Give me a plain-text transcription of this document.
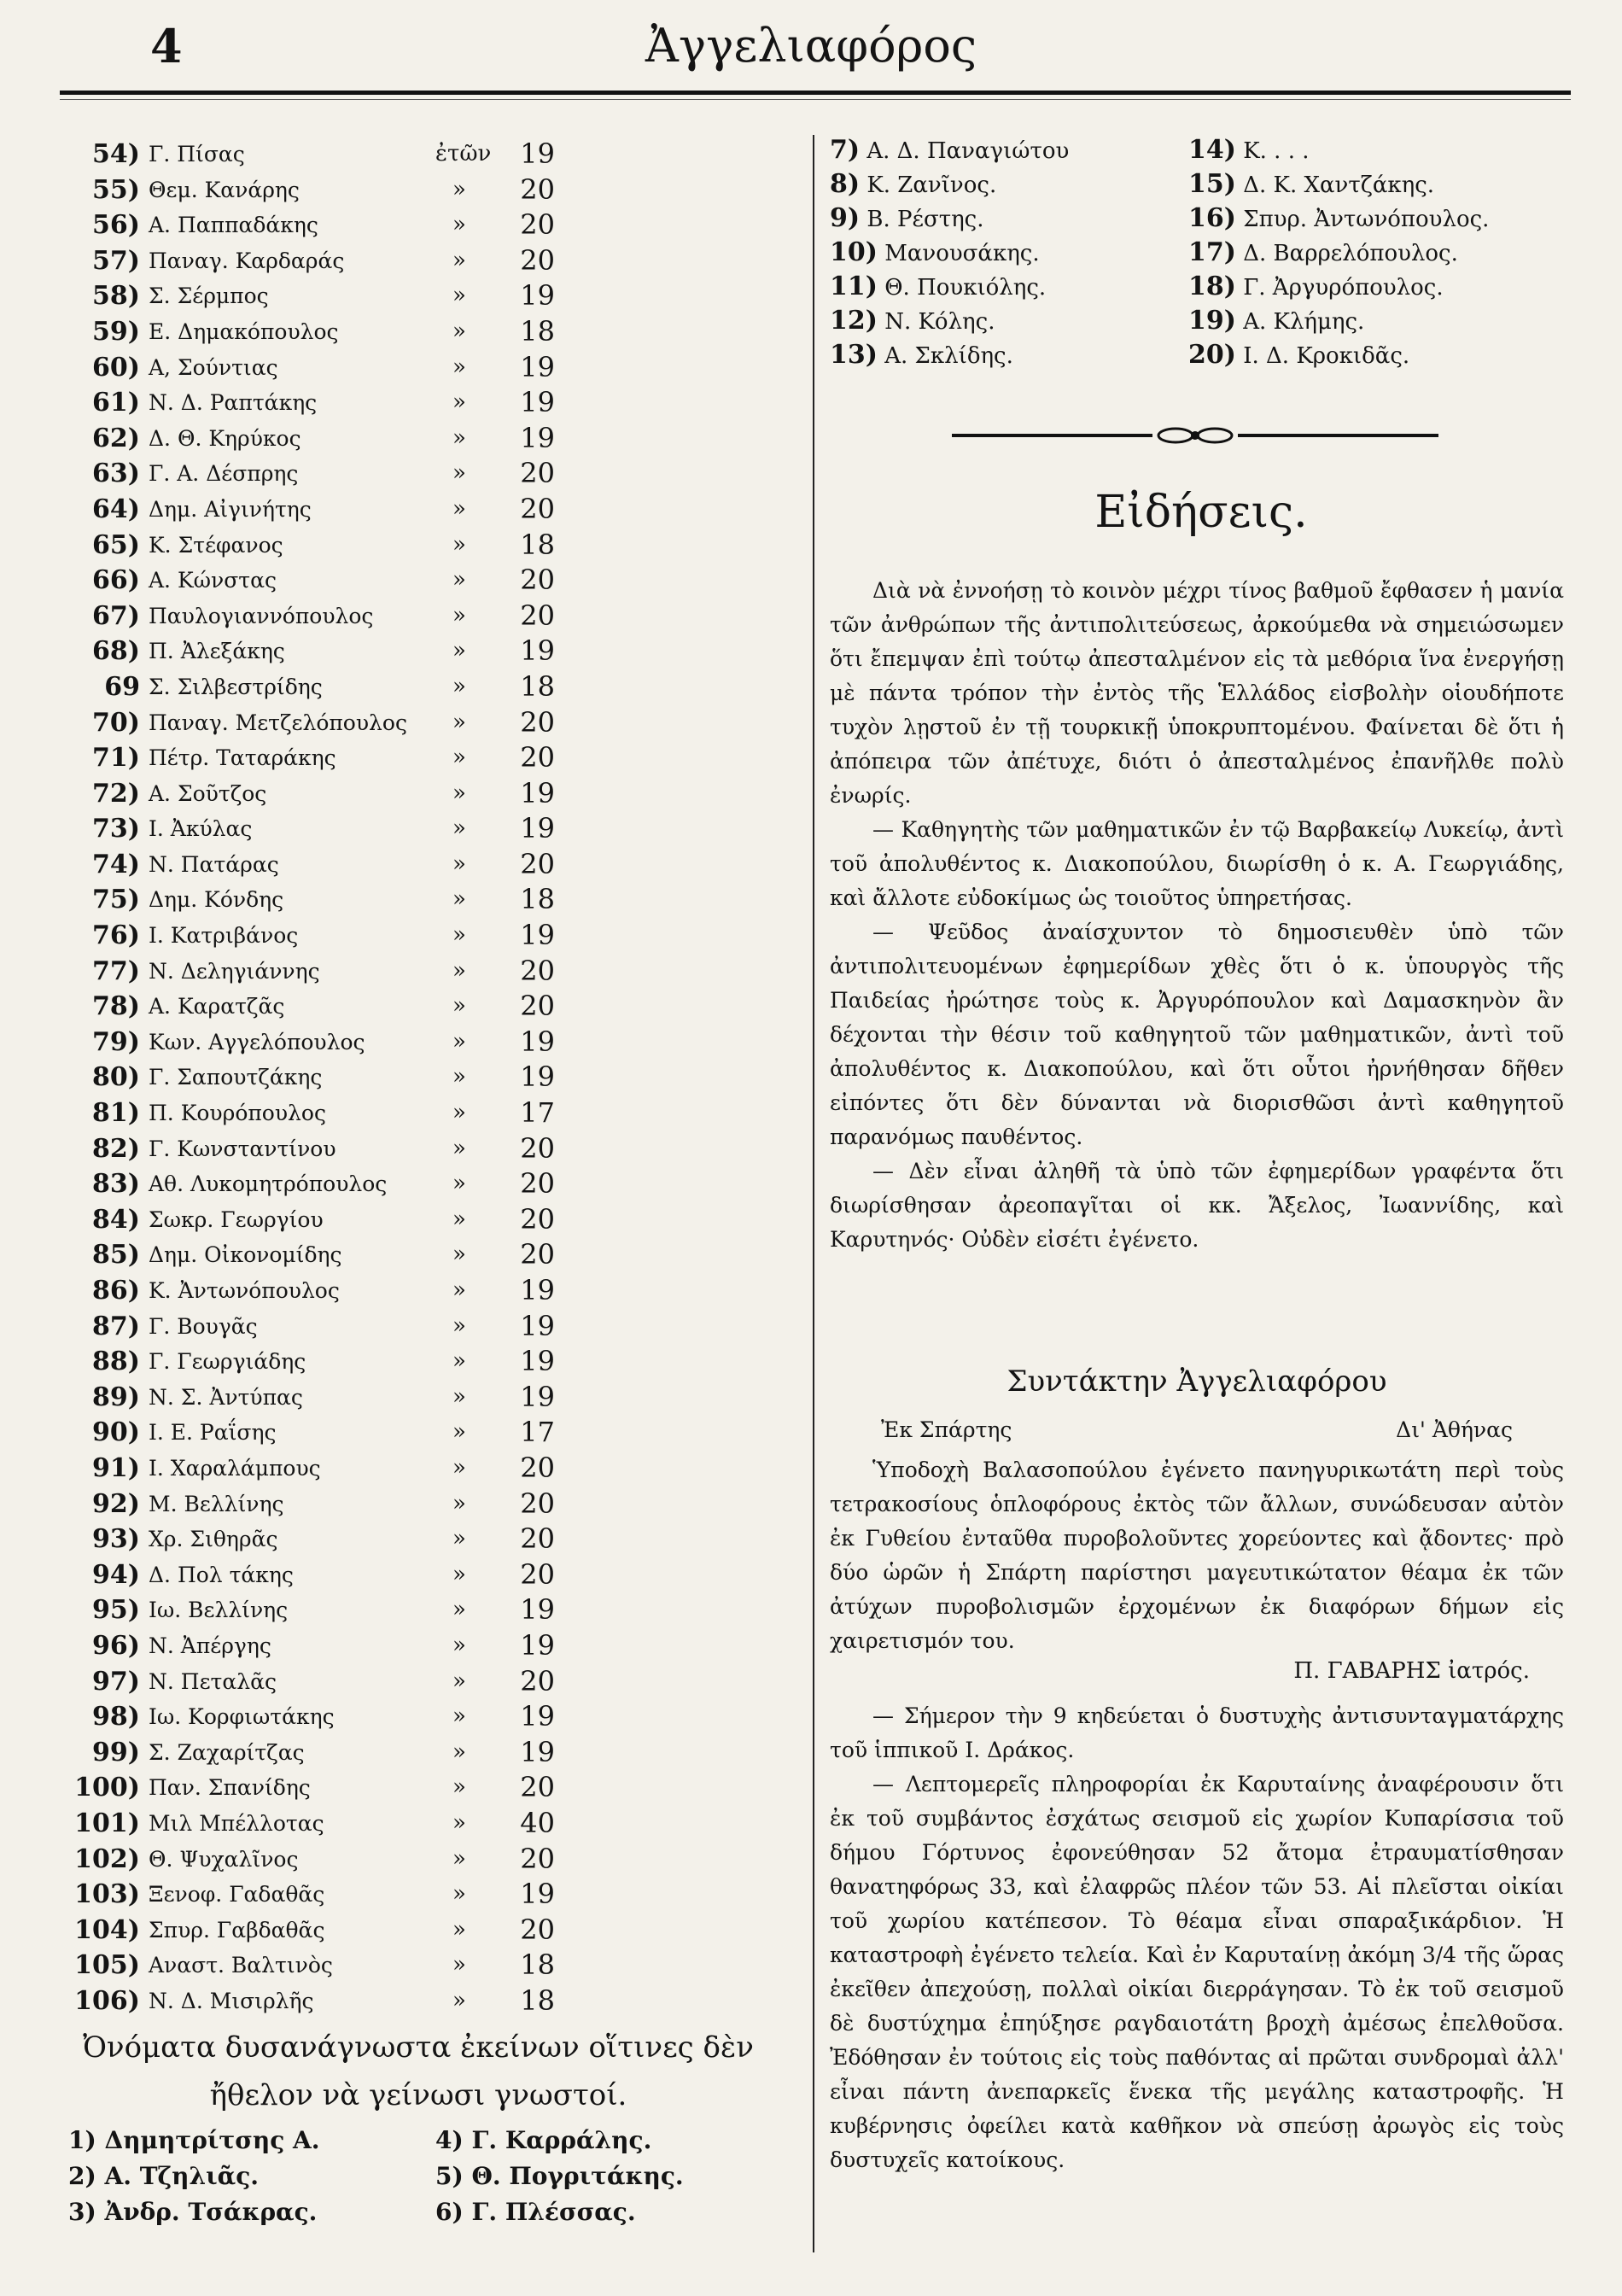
4	Ἀγγελιαφόρος
54) Γ. Πίσας	ἐτῶν	19
55) Θεμ. Κανάρης	»	20
56) Α. Παππαδάκης	»	20
57) Παναγ. Καρδαράς	»	20
58) Σ. Σέρμπος	»	19
59) Ε. Δημακόπουλος	»	18
60) Α, Σούντιας	»	19
61) Ν. Δ. Ραπτάκης	»	19
62) Δ. Θ. Κηρύκος	»	19
63) Γ. Α. Δέσπρης	»	20
64) Δημ. Αἰγινήτης	»	20
65) Κ. Στέφανος	»	18
66) Α. Κώνστας	»	20
67) Παυλογιαννόπουλος	»	20
68) Π. Ἀλεξάκης	»	19
69 Σ. Σιλβεστρίδης	»	18
70) Παναγ. Μετζελόπουλος »	20
71) Πέτρ. Ταταράκης	»	20
72) Α. Σοῦτζος	»	19
73) Ι. Ἀκύλας	»	19
74) Ν. Πατάρας	»	20
75) Δημ. Κόνδης	»	18
76) Ι. Κατριβάνος	»	19
77) Ν. Δεληγιάννης	»	20
78) Α. Καρατζᾶς	»	20
79) Κων. Αγγελόπουλος	»	19
80) Γ. Σαπουτζάκης	»	19
81) Π. Κουρόπουλος	»	17
82) Γ. Κωνσταντίνου	»	20
83) Αθ. Λυκομητρόπουλος	»	20
84) Σωκρ. Γεωργίου	»	20
85) Δημ. Οἰκονομίδης	»	20
86) Κ. Ἀντωνόπουλος	»	19
87) Γ. Βουγᾶς	»	19
88) Γ. Γεωργιάδης	»	19
89) Ν. Σ. Ἀντύπας	»	19
90) Ι. Ε. Ραΐσης	»	17
91) Ι. Χαραλάμπους	»	20
92) Μ. Βελλίνης	»	20
93) Χρ. Σιθηρᾶς	»	20
94) Δ. Πολ τάκης	»	20
95) Ιω. Βελλίνης	»	19
96) Ν. Ἀπέργης	»	19
97) Ν. Πεταλᾶς	»	20
98) Ιω. Κορφιωτάκης	»	19
99) Σ. Ζαχαρίτζας	»	19
100) Παν. Σπανίδης	»	20
101) Μιλ Μπέλλοτας	»	40
102) Θ. Ψυχαλῖνος	»	20
103) Ξενοφ. Γαδαθᾶς	»	19
104) Σπυρ. Γαβδαθᾶς	»	20
105) Αναστ. Βαλτινὸς	»	18
106) Ν. Δ. Μισιρλῆς	»	18
Ὀνόματα δυσανάγνωστα ἐκείνων οἵτινες δὲν
ἤθελον νὰ γείνωσι γνωστοί.
1) Δημητρίτσης Α.
2) Α. Τζηλιᾶς.
3) Ἀνδρ. Τσάκρας.
4) Γ. Καρράλης.
5) Θ. Πογριτάκης.
6) Γ. Πλέσσας.
7) Α. Δ. Παναγιώτου
8) Κ. Ζανῖνος.
9) Β. Ρέστης.
10) Μανουσάκης.
11) Θ. Πουκιόλης.
12) Ν. Κόλης.
13) Α. Σκλίδης.
14) Κ. . . .
15) Δ. Κ. Χαντζάκης.
16) Σπυρ. Ἀντωνόπουλος.
17) Δ. Βαρρελόπουλος.
18) Γ. Ἀργυρόπουλος.
19) Α. Κλήμης.
20) Ι. Δ. Κροκιδᾶς.
Εἰδήσεις.

Διὰ νὰ ἐννοήσῃ τὸ κοινὸν μέχρι τίνος βαθμοῦ ἔφθασεν ἡ μανία τῶν ἀνθρώπων τῆς ἀντιπολιτεύσεως, ἀρκούμεθα νὰ σημειώσωμεν ὅτι ἔπεμψαν ἐπὶ τούτῳ ἀπεσταλμένον εἰς τὰ μεθόρια ἵνα ἐνεργήσῃ μὲ πάντα τρόπον τὴν ἐντὸς τῆς Ἑλλάδος εἰσβολὴν οἱουδήποτε τυχὸν λῃστοῦ ἐν τῇ τουρκικῇ ὑποκρυπτομένου. Φαίνεται δὲ ὅτι ἡ ἀπόπειρα τῶν ἀπέτυχε, διότι ὁ ἀπεσταλμένος ἐπανῆλθε πολὺ ἐνωρίς.

— Καθηγητὴς τῶν μαθηματικῶν ἐν τῷ Βαρβακείῳ Λυκείῳ, ἀντὶ τοῦ ἀπολυθέντος κ. Διακοπούλου, διωρίσθη ὁ κ. Α. Γεωργιάδης, καὶ ἄλλοτε εὐδοκίμως ὡς τοιοῦτος ὑπηρετήσας.

— Ψεῦδος ἀναίσχυντον τὸ δημοσιευθὲν ὑπὸ τῶν ἀντιπολιτευομένων ἐφημερίδων χθὲς ὅτι ὁ κ. ὑπουργὸς τῆς Παιδείας ἠρώτησε τοὺς κ. Ἀργυρόπουλον καὶ Δαμασκηνὸν ἂν δέχονται τὴν θέσιν τοῦ καθηγητοῦ τῶν μαθηματικῶν, ἀντὶ τοῦ ἀπολυθέντος κ. Διακοπούλου, καὶ ὅτι οὗτοι ἠρνήθησαν δῆθεν εἰπόντες ὅτι δὲν δύνανται νὰ διορισθῶσι ἀντὶ καθηγητοῦ παρανόμως παυθέντος.

— Δὲν εἶναι ἀληθῆ τὰ ὑπὸ τῶν ἐφημερίδων γραφέντα ὅτι διωρίσθησαν ἀρεοπαγῖται οἱ κκ. Ἄξελος, Ἰωαννίδης, καὶ Καρυτηνός· Οὐδὲν εἰσέτι ἐγένετο.

Συντάκτην Ἀγγελιαφόρου
Ἐκ Σπάρτης	Δι' Ἀθήνας

Ὑποδοχὴ Βαλασοπούλου ἐγένετο πανηγυρικωτάτη περὶ τοὺς τετρακοσίους ὁπλοφόρους ἐκτὸς τῶν ἄλλων, συνώδευσαν αὐτὸν ἐκ Γυθείου ἐνταῦθα πυροβολοῦντες χορεύοντες καὶ ᾄδοντες· πρὸ δύο ὡρῶν ἡ Σπάρτη παρίστησι μαγευτικώτατον θέαμα ἐκ τῶν ἀτύχων πυροβολισμῶν ἐρχομένων ἐκ διαφόρων δήμων εἰς χαιρετισμόν του.

Π. ΓΑΒΑΡΗΣ ἰατρός.

— Σήμερον τὴν 9 κηδεύεται ὁ δυστυχὴς ἀντισυνταγματάρχης τοῦ ἱππικοῦ Ι. Δράκος.

— Λεπτομερεῖς πληροφορίαι ἐκ Καρυταίνης ἀναφέρουσιν ὅτι ἐκ τοῦ συμβάντος ἐσχάτως σεισμοῦ εἰς χωρίον Κυπαρίσσια τοῦ δήμου Γόρτυνος ἐφονεύθησαν 52 ἄτομα ἐτραυματίσθησαν θανατηφόρως 33, καὶ ἐλαφρῶς πλέον τῶν 53. Αἱ πλεῖσται οἰκίαι τοῦ χωρίου κατέπεσον. Τὸ θέαμα εἶναι σπαραξικάρδιον. Ἡ καταστροφὴ ἐγένετο τελεία. Καὶ ἐν Καρυταίνῃ ἀκόμη 3/4 τῆς ὥρας ἐκεῖθεν ἀπεχούσῃ, πολλαὶ οἰκίαι διερράγησαν. Τὸ ἐκ τοῦ σεισμοῦ δὲ δυστύχημα ἐπηύξησε ραγδαιοτάτη βροχὴ ἀμέσως ἐπελθοῦσα. Ἐδόθησαν ἐν τούτοις εἰς τοὺς παθόντας αἱ πρῶται συνδρομαὶ ἀλλ' εἶναι πάντη ἀνεπαρκεῖς ἕνεκα τῆς μεγάλης καταστροφῆς. Ἡ κυβέρνησις ὀφείλει κατὰ καθῆκον νὰ σπεύσῃ ἀρωγὸς εἰς τοὺς δυστυχεῖς κατοίκους.
